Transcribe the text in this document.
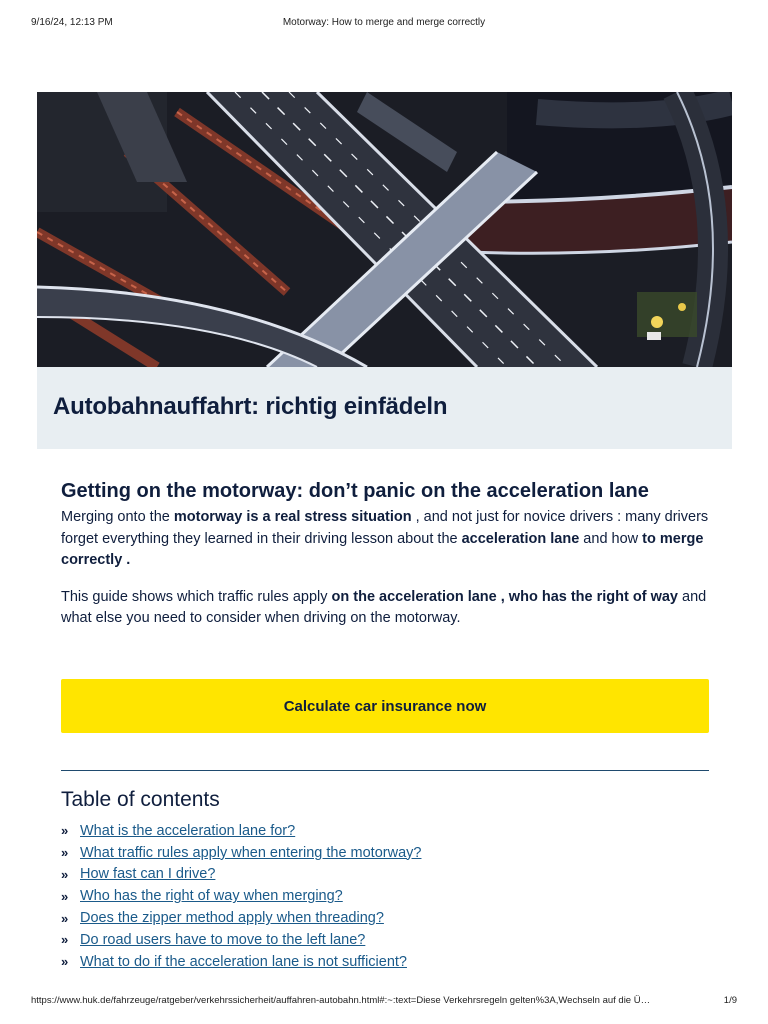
9/16/24, 12:13 PM	Motorway: How to merge and merge correctly
Autobahnauffahrt: richtig einfädeln
Getting on the motorway: don’t panic on the acceleration lane

Merging onto the motorway is a real stress situation , and not just for novice drivers : many drivers forget everything they learned in their driving lesson about the acceleration lane and how to merge correctly .

This guide shows which traffic rules apply on the acceleration lane , who has the right of way and what else you need to consider when driving on the motorway.

Calculate car insurance now
Table of contents
» What is the acceleration lane for?
» What traffic rules apply when entering the motorway?
» How fast can I drive?
» Who has the right of way when merging?
» Does the zipper method apply when threading?
» Do road users have to move to the left lane?
» What to do if the acceleration lane is not sufficient?
https://www.huk.de/fahrzeuge/ratgeber/verkehrssicherheit/auffahren-autobahn.html#:~:text=Diese Verkehrsregeln gelten%3A,Wechseln auf die Ü…	1/9
